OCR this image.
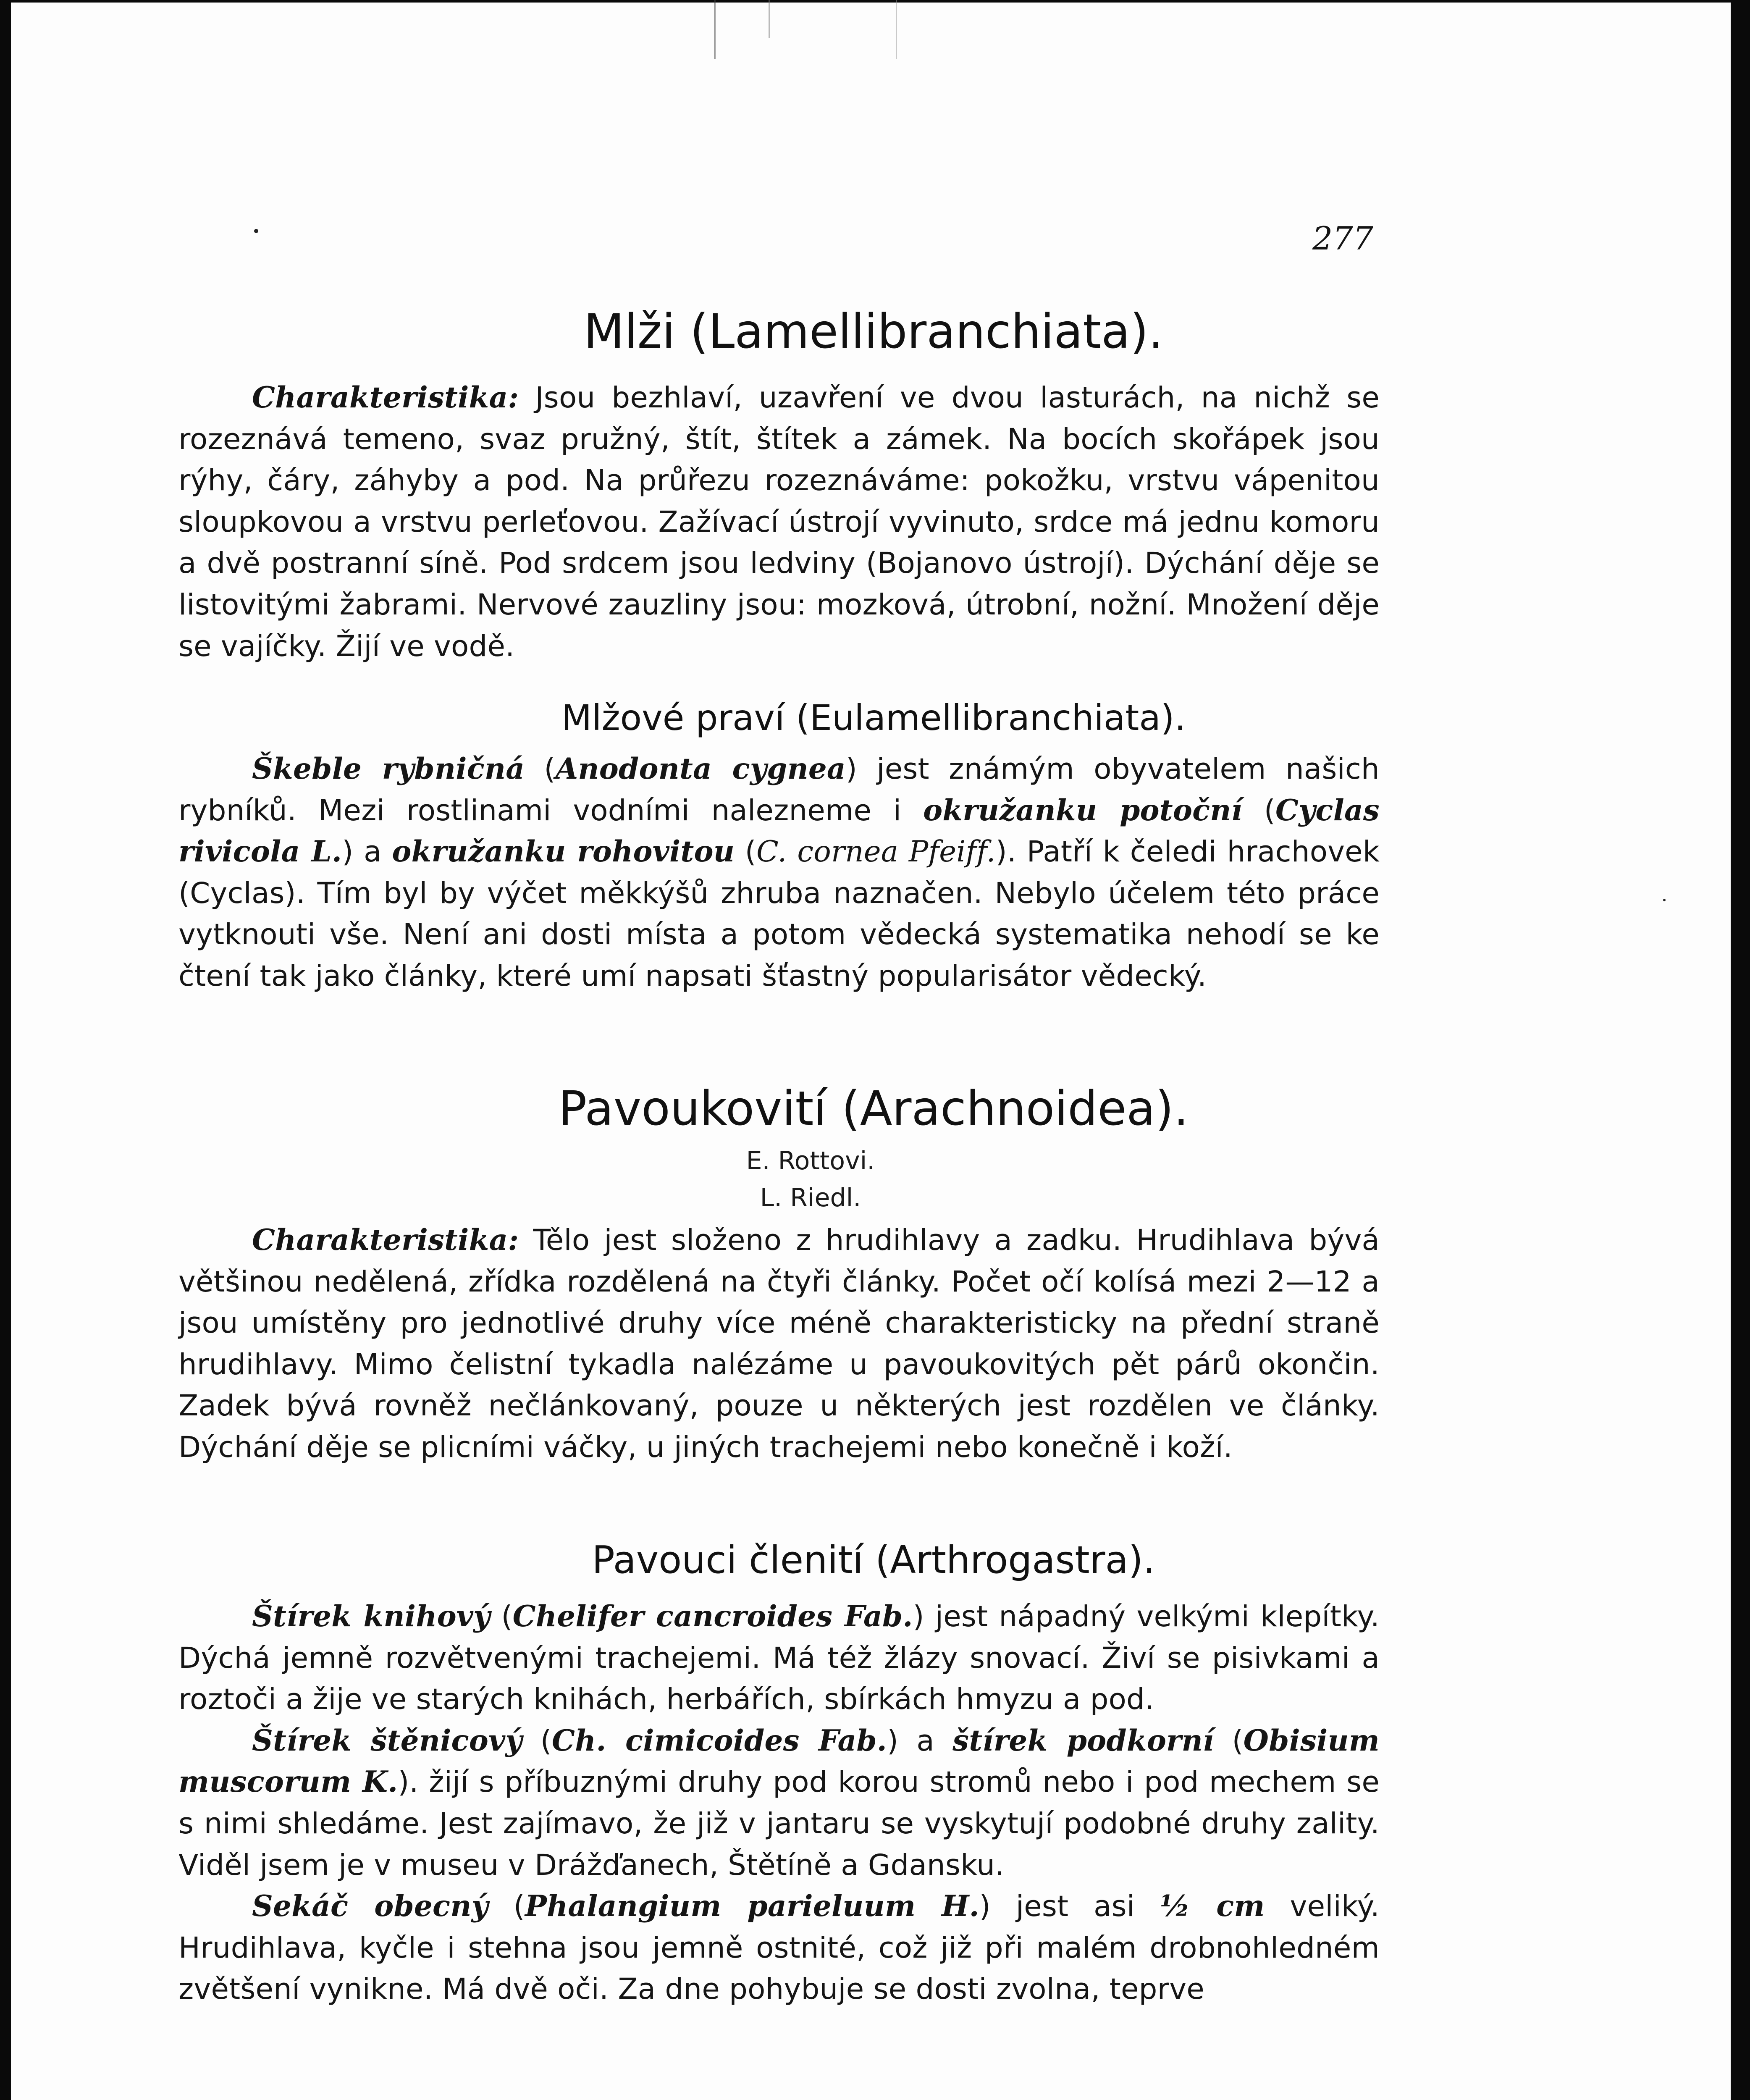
277
Mlži (Lamellibranchiata).

Charakteristika: Jsou bezhlaví, uzavření ve dvou lasturách, na nichž se rozeznává temeno, svaz pružný, štít, štítek a zámek. Na bocích skořápek jsou rýhy, čáry, záhyby a pod. Na průřezu rozeznáváme: pokožku, vrstvu vápenitou sloupkovou a vrstvu perleťovou. Zažívací ústrojí vyvinuto, srdce má jednu komoru a dvě postranní síně. Pod srdcem jsou ledviny (Bojanovo ústrojí). Dýchání děje se listovitými žabrami. Nervové zauzliny jsou: mozková, útrobní, nožní. Množení děje se vajíčky. Žijí ve vodě.

Mlžové praví (Eulamellibranchiata).

Škeble rybničná (Anodonta cygnea) jest známým obyvatelem našich rybníků. Mezi rostlinami vodními nalezneme i okružanku potoční (Cyclas rivicola L.) a okružanku rohovitou (C. cornea Pfeiff.). Patří k čeledi hrachovek (Cyclas). Tím byl by výčet měkkýšů zhruba naznačen. Nebylo účelem této práce vytknouti vše. Není ani dosti místa a potom vědecká systematika nehodí se ke čtení tak jako články, které umí napsati šťastný popularisátor vědecký.

Pavoukovití (Arachnoidea).
E. Rottovi.
L. Riedl.

Charakteristika: Tělo jest složeno z hrudihlavy a zadku. Hrudihlava bývá většinou nedělená, zřídka rozdělená na čtyři články. Počet očí kolísá mezi 2—12 a jsou umístěny pro jednotlivé druhy více méně charakteristicky na přední straně hrudihlavy. Mimo čelistní tykadla nalézáme u pavoukovitých pět párů okončin. Zadek bývá rovněž nečlánkovaný, pouze u některých jest rozdělen ve články. Dýchání děje se plicními váčky, u jiných trachejemi nebo konečně i koží.

Pavouci členití (Arthrogastra).

Štírek knihový (Chelifer cancroides Fab.) jest nápadný velkými klepítky. Dýchá jemně rozvětvenými trachejemi. Má též žlázy snovací. Živí se pisivkami a roztoči a žije ve starých knihách, herbářích, sbírkách hmyzu a pod.

Štírek štěnicový (Ch. cimicoides Fab.) a štírek podkorní (Obisium muscorum K.). žijí s příbuznými druhy pod korou stromů nebo i pod mechem se s nimi shledáme. Jest zajímavo, že již v jantaru se vyskytují podobné druhy zality. Viděl jsem je v museu v Drážďanech, Štětíně a Gdansku.

Sekáč obecný (Phalangium parieluum H.) jest asi ½ cm veliký. Hrudihlava, kyčle i stehna jsou jemně ostnité, což již při malém drobnohledném zvětšení vynikne. Má dvě oči. Za dne pohybuje se dosti zvolna, teprve
